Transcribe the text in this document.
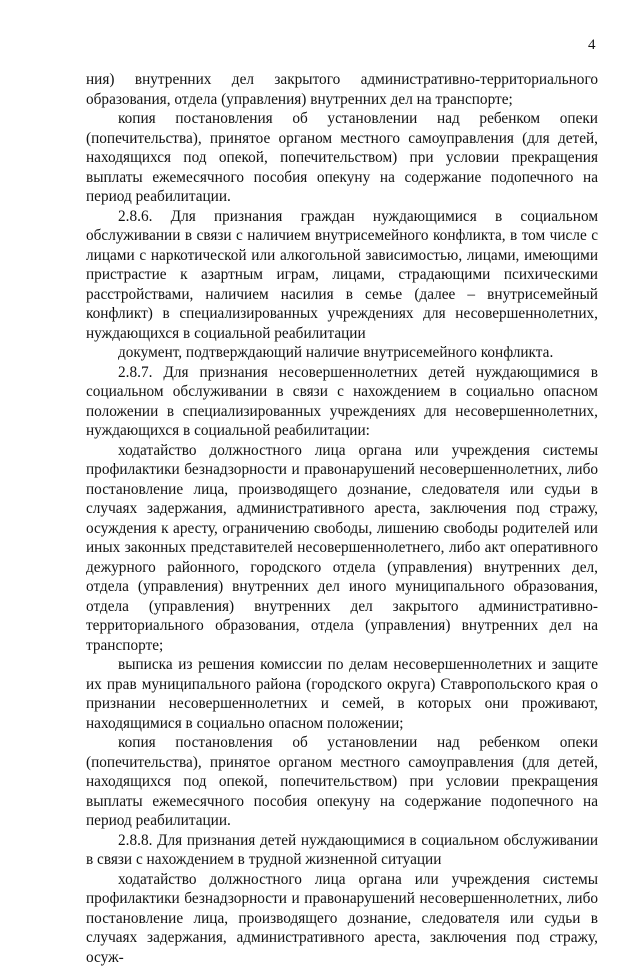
4

ния) внутренних дел закрытого административно-территориального образования, отдела (управления) внутренних дел на транспорте;

копия постановления об установлении над ребенком опеки (попечительства), принятое органом местного самоуправления (для детей, находящихся под опекой, попечительством) при условии прекращения выплаты ежемесячного пособия опекуну на содержание подопечного на период реабилитации.

2.8.6. Для признания граждан нуждающимися в социальном обслуживании в связи с наличием внутрисемейного конфликта, в том числе с лицами с наркотической или алкогольной зависимостью, лицами, имеющими пристрастие к азартным играм, лицами, страдающими психическими расстройствами, наличием насилия в семье (далее – внутрисемейный конфликт) в специализированных учреждениях для несовершеннолетних, нуждающихся в социальной реабилитации

документ, подтверждающий наличие внутрисемейного конфликта.

2.8.7. Для признания несовершеннолетних детей нуждающимися в социальном обслуживании в связи с нахождением в социально опасном положении в специализированных учреждениях для несовершеннолетних, нуждающихся в социальной реабилитации:

ходатайство должностного лица органа или учреждения системы профилактики безнадзорности и правонарушений несовершеннолетних, либо постановление лица, производящего дознание, следователя или судьи в случаях задержания, административного ареста, заключения под стражу, осуждения к аресту, ограничению свободы, лишению свободы родителей или иных законных представителей несовершеннолетнего, либо акт оперативного дежурного районного, городского отдела (управления) внутренних дел, отдела (управления) внутренних дел иного муниципального образования, отдела (управления) внутренних дел закрытого административно-территориального образования, отдела (управления) внутренних дел на транспорте;

выписка из решения комиссии по делам несовершеннолетних и защите их прав муниципального района (городского округа) Ставропольского края о признании несовершеннолетних и семей, в которых они проживают, находящимися в социально опасном положении;

копия постановления об установлении над ребенком опеки (попечительства), принятое органом местного самоуправления (для детей, находящихся под опекой, попечительством) при условии прекращения выплаты ежемесячного пособия опекуну на содержание подопечного на период реабилитации.

2.8.8. Для признания детей нуждающимися в социальном обслуживании в связи с нахождением в трудной жизненной ситуации

ходатайство должностного лица органа или учреждения системы профилактики безнадзорности и правонарушений несовершеннолетних, либо постановление лица, производящего дознание, следователя или судьи в случаях задержания, административного ареста, заключения под стражу, осуж-
